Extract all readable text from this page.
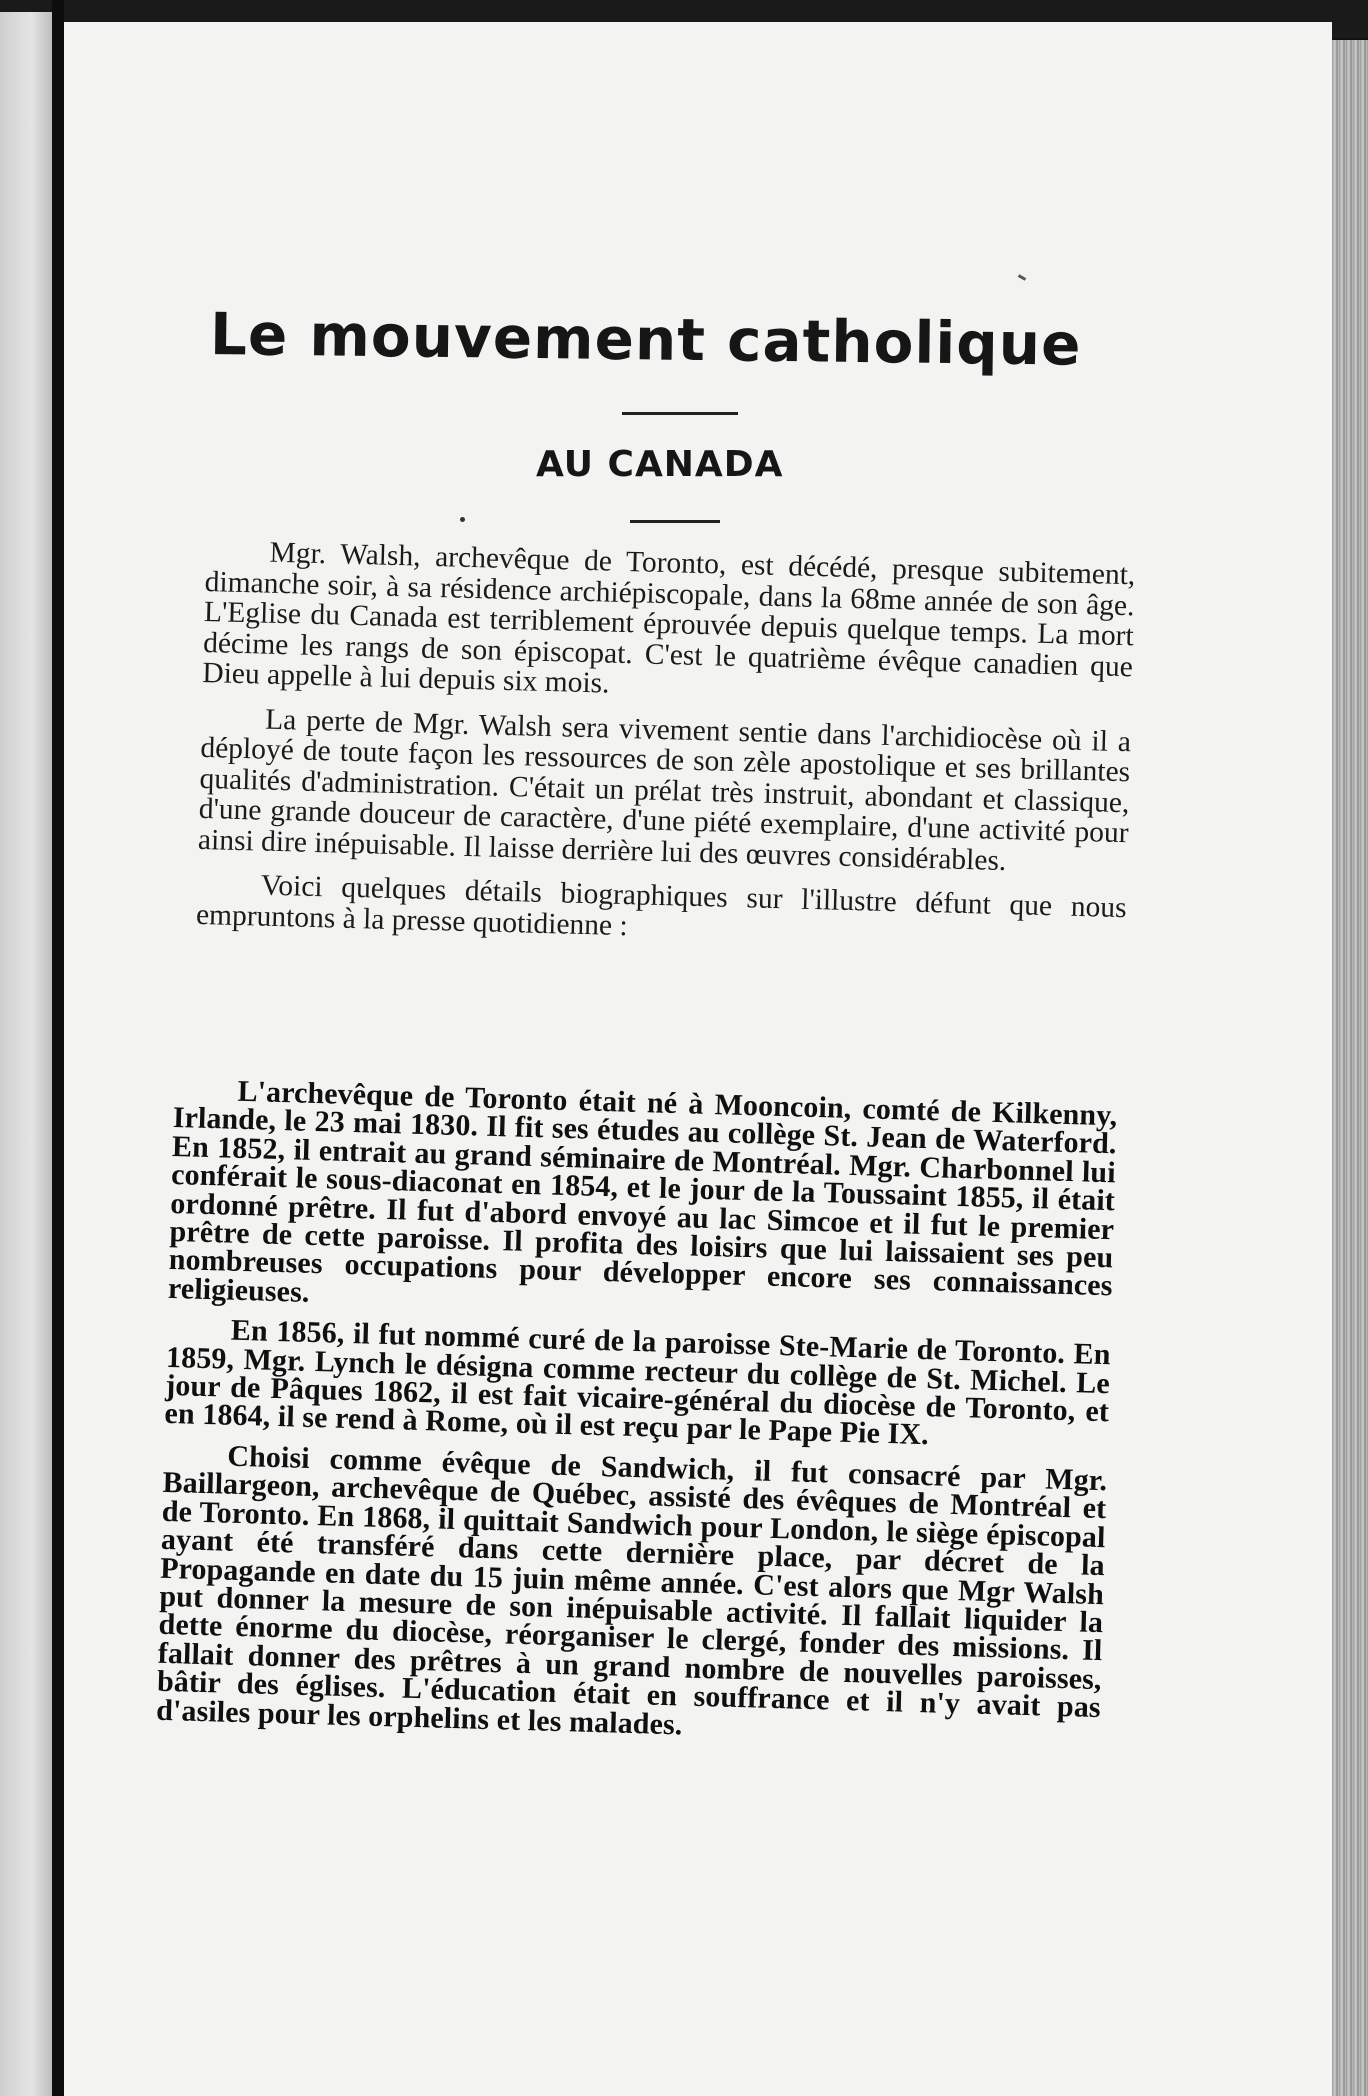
Le mouvement catholique
AU CANADA

Mgr. Walsh, archevêque de Toronto, est décédé, presque subitement, dimanche soir, à sa résidence archiépiscopale, dans la 68me année de son âge. L'Eglise du Canada est terriblement éprouvée depuis quelque temps. La mort décime les rangs de son épiscopat. C'est le quatrième évêque canadien que Dieu appelle à lui depuis six mois.

La perte de Mgr. Walsh sera vivement sentie dans l'archidiocèse où il a déployé de toute façon les ressources de son zèle apostolique et ses brillantes qualités d'administration. C'était un prélat très instruit, abondant et classique, d'une grande douceur de caractère, d'une piété exemplaire, d'une activité pour ainsi dire inépuisable. Il laisse derrière lui des œuvres considérables.

Voici quelques détails biographiques sur l'illustre défunt que nous empruntons à la presse quotidienne :

L'archevêque de Toronto était né à Mooncoin, comté de Kilkenny, Irlande, le 23 mai 1830. Il fit ses études au collège St. Jean de Waterford. En 1852, il entrait au grand séminaire de Montréal. Mgr. Charbonnel lui conférait le sous-diaconat en 1854, et le jour de la Toussaint 1855, il était ordonné prêtre. Il fut d'abord envoyé au lac Simcoe et il fut le premier prêtre de cette paroisse. Il profita des loisirs que lui laissaient ses peu nombreuses occupations pour développer encore ses connaissances religieuses.

En 1856, il fut nommé curé de la paroisse Ste-Marie de Toronto. En 1859, Mgr. Lynch le désigna comme recteur du collège de St. Michel. Le jour de Pâques 1862, il est fait vicaire-général du diocèse de Toronto, et en 1864, il se rend à Rome, où il est reçu par le Pape Pie IX.

Choisi comme évêque de Sandwich, il fut consacré par Mgr. Baillargeon, archevêque de Québec, assisté des évêques de Montréal et de Toronto. En 1868, il quittait Sandwich pour London, le siège épiscopal ayant été transféré dans cette dernière place, par décret de la Propagande en date du 15 juin même année. C'est alors que Mgr Walsh put donner la mesure de son inépuisable activité. Il fallait liquider la dette énorme du diocèse, réorganiser le clergé, fonder des missions. Il fallait donner des prêtres à un grand nombre de nouvelles paroisses, bâtir des églises. L'éducation était en souffrance et il n'y avait pas d'asiles pour les orphelins et les malades.
